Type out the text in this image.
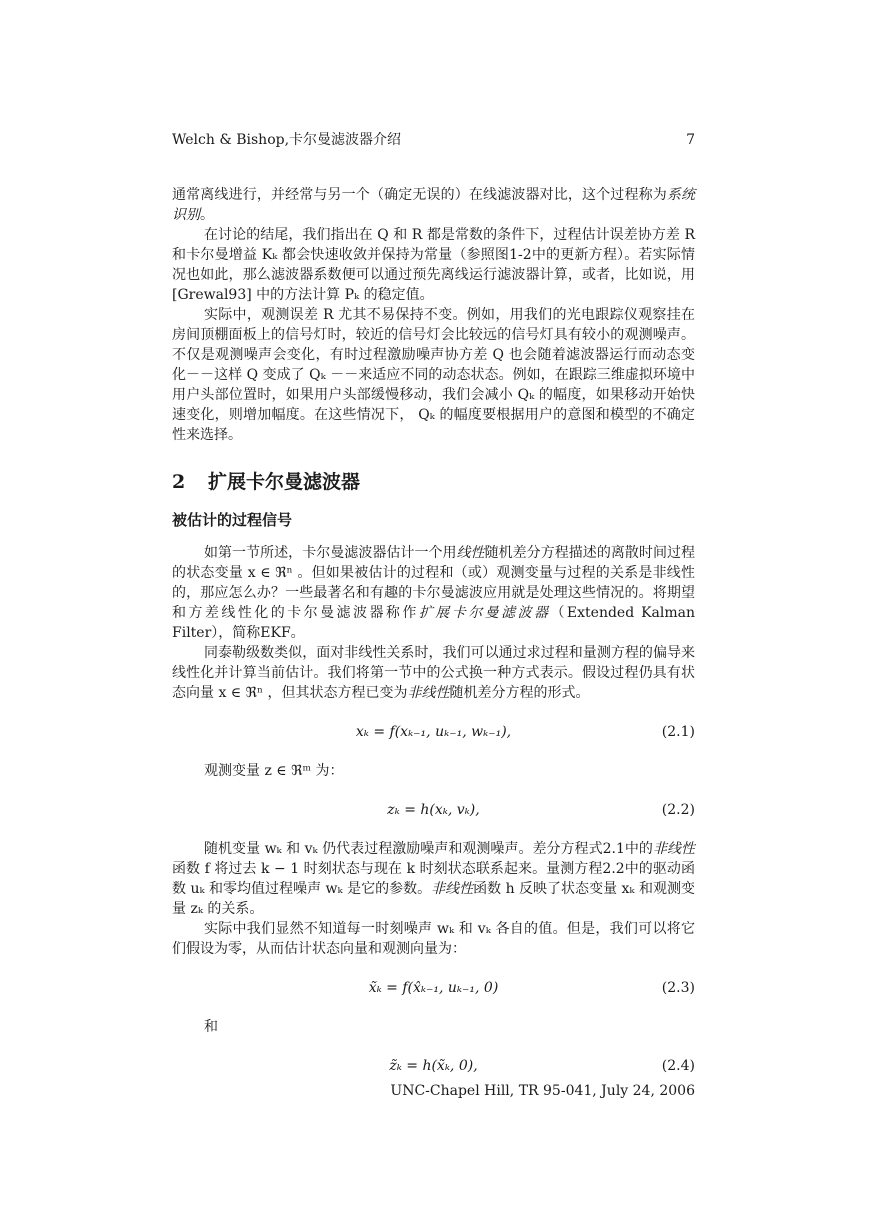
Welch & Bishop,卡尔曼滤波器介绍	7

通常离线进行，并经常与另一个（确定无误的）在线滤波器对比，这个过程称为系统识别。

在讨论的结尾，我们指出在 Q 和 R 都是常数的条件下，过程估计误差协方差 R 和卡尔曼增益 Kₖ 都会快速收敛并保持为常量（参照图1-2中的更新方程）。若实际情况也如此，那么滤波器系数便可以通过预先离线运行滤波器计算，或者，比如说，用 [Grewal93] 中的方法计算 Pₖ 的稳定值。

实际中，观测误差 R 尤其不易保持不变。例如，用我们的光电跟踪仪观察挂在房间顶棚面板上的信号灯时，较近的信号灯会比较远的信号灯具有较小的观测噪声。不仅是观测噪声会变化，有时过程激励噪声协方差 Q 也会随着滤波器运行而动态变化－－这样 Q 变成了 Qₖ －－来适应不同的动态状态。例如，在跟踪三维虚拟环境中用户头部位置时，如果用户头部缓慢移动，我们会减小 Qₖ 的幅度，如果移动开始快速变化，则增加幅度。在这些情况下， Qₖ 的幅度要根据用户的意图和模型的不确定性来选择。

2 扩展卡尔曼滤波器
被估计的过程信号

如第一节所述，卡尔曼滤波器估计一个用线性随机差分方程描述的离散时间过程的状态变量 x ∈ ℜⁿ 。但如果被估计的过程和（或）观测变量与过程的关系是非线性的，那应怎么办？一些最著名和有趣的卡尔曼滤波应用就是处理这些情况的。将期望和方差线性化的卡尔曼滤波器称作扩展卡尔曼滤波器（Extended Kalman Filter），简称EKF。

同泰勒级数类似，面对非线性关系时，我们可以通过求过程和量测方程的偏导来线性化并计算当前估计。我们将第一节中的公式换一种方式表示。假设过程仍具有状态向量 x ∈ ℜⁿ ，但其状态方程已变为非线性随机差分方程的形式。

xₖ = f(xₖ₋₁, uₖ₋₁, wₖ₋₁),	(2.1)

观测变量 z ∈ ℜᵐ 为：

zₖ = h(xₖ, vₖ),	(2.2)

随机变量 wₖ 和 vₖ 仍代表过程激励噪声和观测噪声。差分方程式2.1中的非线性函数 f 将过去 k − 1 时刻状态与现在 k 时刻状态联系起来。量测方程2.2中的驱动函数 uₖ 和零均值过程噪声 wₖ 是它的参数。非线性函数 h 反映了状态变量 xₖ 和观测变量 zₖ 的关系。

实际中我们显然不知道每一时刻噪声 wₖ 和 vₖ 各自的值。但是，我们可以将它们假设为零，从而估计状态向量和观测向量为：

x̃ₖ = f(x̂ₖ₋₁, uₖ₋₁, 0)	(2.3)

和

z̃ₖ = h(x̃ₖ, 0),	(2.4)
UNC-Chapel Hill, TR 95-041, July 24, 2006
